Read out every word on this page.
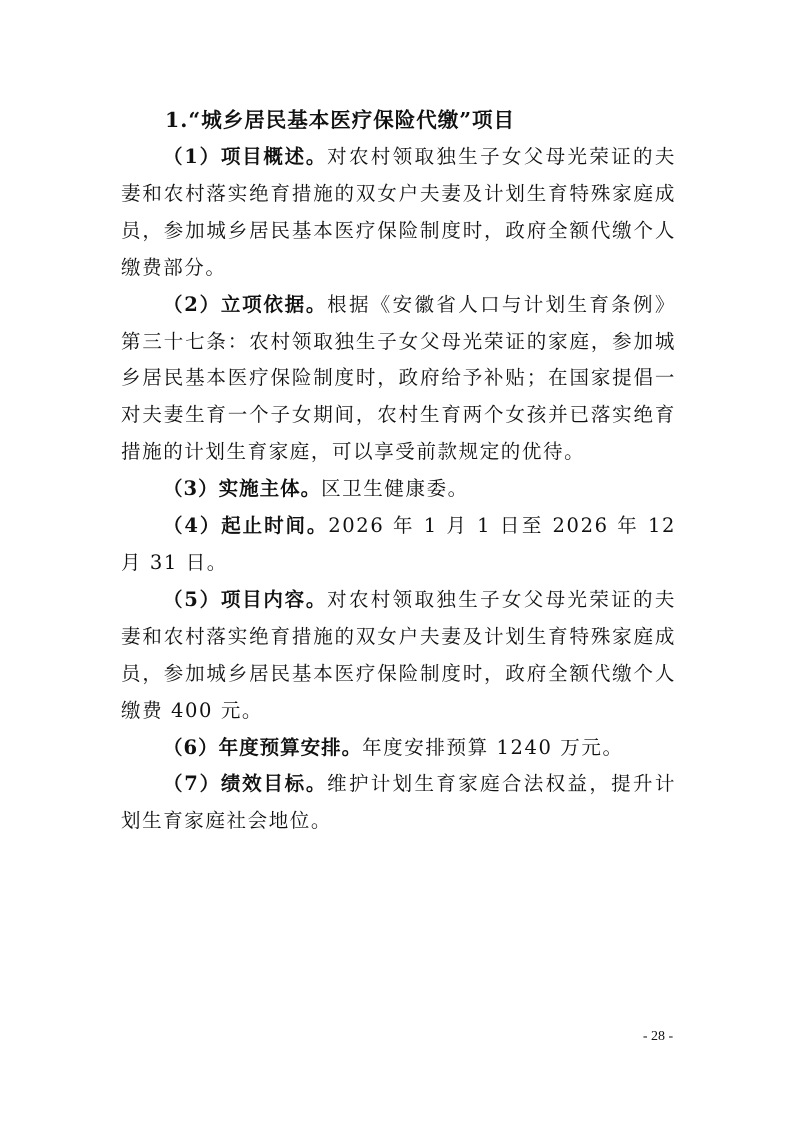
1.“城乡居民基本医疗保险代缴”项目

（1）项目概述。对农村领取独生子女父母光荣证的夫妻和农村落实绝育措施的双女户夫妻及计划生育特殊家庭成员，参加城乡居民基本医疗保险制度时，政府全额代缴个人缴费部分。

（2）立项依据。根据《安徽省人口与计划生育条例》第三十七条：农村领取独生子女父母光荣证的家庭，参加城乡居民基本医疗保险制度时，政府给予补贴；在国家提倡一对夫妻生育一个子女期间，农村生育两个女孩并已落实绝育措施的计划生育家庭，可以享受前款规定的优待。

（3）实施主体。区卫生健康委。

（4）起止时间。2026 年 1 月 1 日至 2026 年 12 月 31 日。

（5）项目内容。对农村领取独生子女父母光荣证的夫妻和农村落实绝育措施的双女户夫妻及计划生育特殊家庭成员，参加城乡居民基本医疗保险制度时，政府全额代缴个人缴费 400 元。

（6）年度预算安排。年度安排预算 1240 万元。

（7）绩效目标。维护计划生育家庭合法权益，提升计划生育家庭社会地位。

- 28 -
